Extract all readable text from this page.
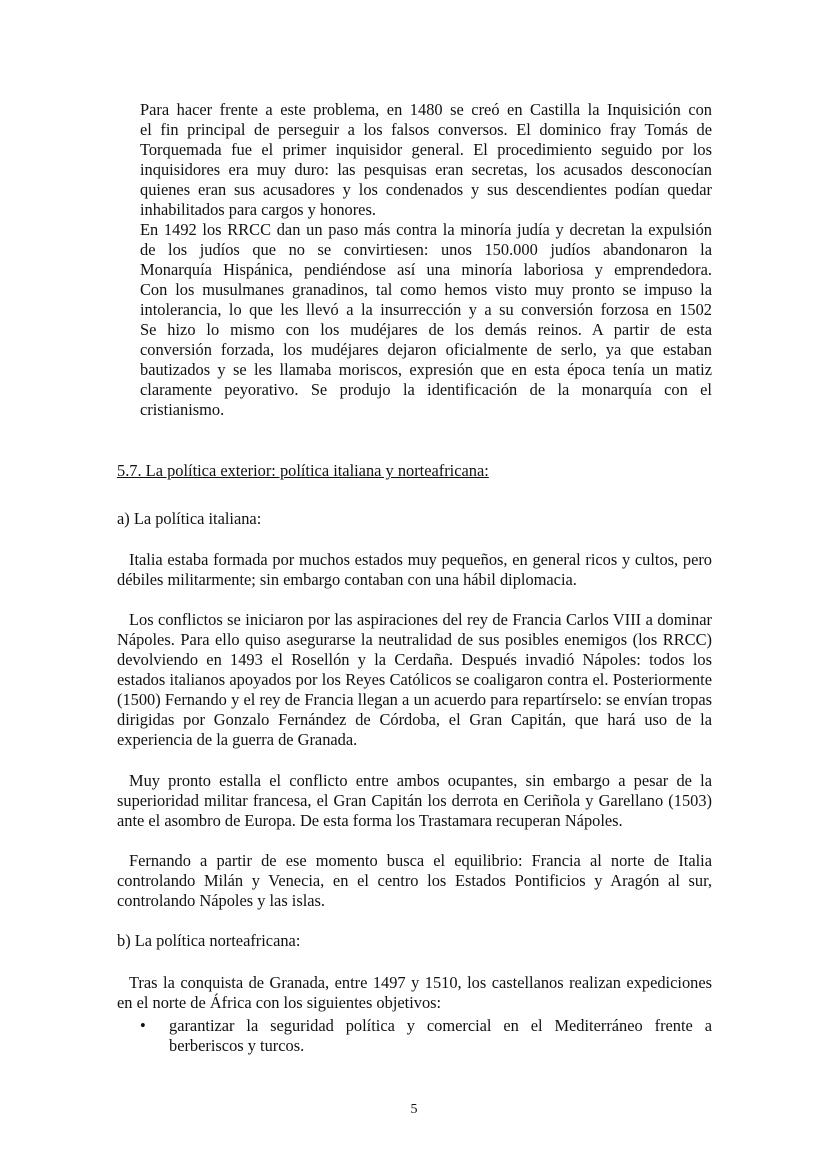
Para hacer frente a este problema, en 1480 se creó en Castilla la Inquisición con
el fin principal de perseguir a los falsos conversos. El dominico fray Tomás de
Torquemada fue el primer inquisidor general. El procedimiento seguido por los
inquisidores era muy duro: las pesquisas eran secretas, los acusados desconocían
quienes eran sus acusadores y los condenados y sus descendientes podían quedar
inhabilitados para cargos y honores.
En 1492 los RRCC dan un paso más contra la minoría judía y decretan la expulsión
de los judíos que no se convirtiesen: unos 150.000 judíos abandonaron la
Monarquía Hispánica, pendiéndose así una minoría laboriosa y emprendedora.
Con los musulmanes granadinos, tal como hemos visto muy pronto se impuso la
intolerancia, lo que les llevó a la insurrección y a su conversión forzosa en 1502
Se hizo lo mismo con los mudéjares de los demás reinos. A partir de esta
conversión forzada, los mudéjares dejaron oficialmente de serlo, ya que estaban
bautizados y se les llamaba moriscos, expresión que en esta época tenía un matiz
claramente peyorativo. Se produjo la identificación de la monarquía con el
cristianismo.
5.7. La política exterior: política italiana y norteafricana:
a) La política italiana:
Italia estaba formada por muchos estados muy pequeños, en general ricos y cultos, pero
débiles militarmente; sin embargo contaban con una hábil diplomacia.
Los conflictos se iniciaron por las aspiraciones del rey de Francia Carlos VIII a dominar
Nápoles. Para ello quiso asegurarse la neutralidad de sus posibles enemigos (los RRCC)
devolviendo en 1493 el Rosellón y la Cerdaña. Después invadió Nápoles: todos los
estados italianos apoyados por los Reyes Católicos se coaligaron contra el. Posteriormente
(1500) Fernando y el rey de Francia llegan a un acuerdo para repartírselo: se envían tropas
dirigidas por Gonzalo Fernández de Córdoba, el Gran Capitán, que hará uso de la
experiencia de la guerra de Granada.
Muy pronto estalla el conflicto entre ambos ocupantes, sin embargo a pesar de la
superioridad militar francesa, el Gran Capitán los derrota en Ceriñola y Garellano (1503)
ante el asombro de Europa. De esta forma los Trastamara recuperan Nápoles.
Fernando a partir de ese momento busca el equilibrio: Francia al norte de Italia
controlando Milán y Venecia, en el centro los Estados Pontificios y Aragón al sur,
controlando Nápoles y las islas.
b) La política norteafricana:
Tras la conquista de Granada, entre 1497 y 1510, los castellanos realizan expediciones
en el norte de África con los siguientes objetivos:
• garantizar la seguridad política y comercial en el Mediterráneo frente a
berberiscos y turcos.
5
